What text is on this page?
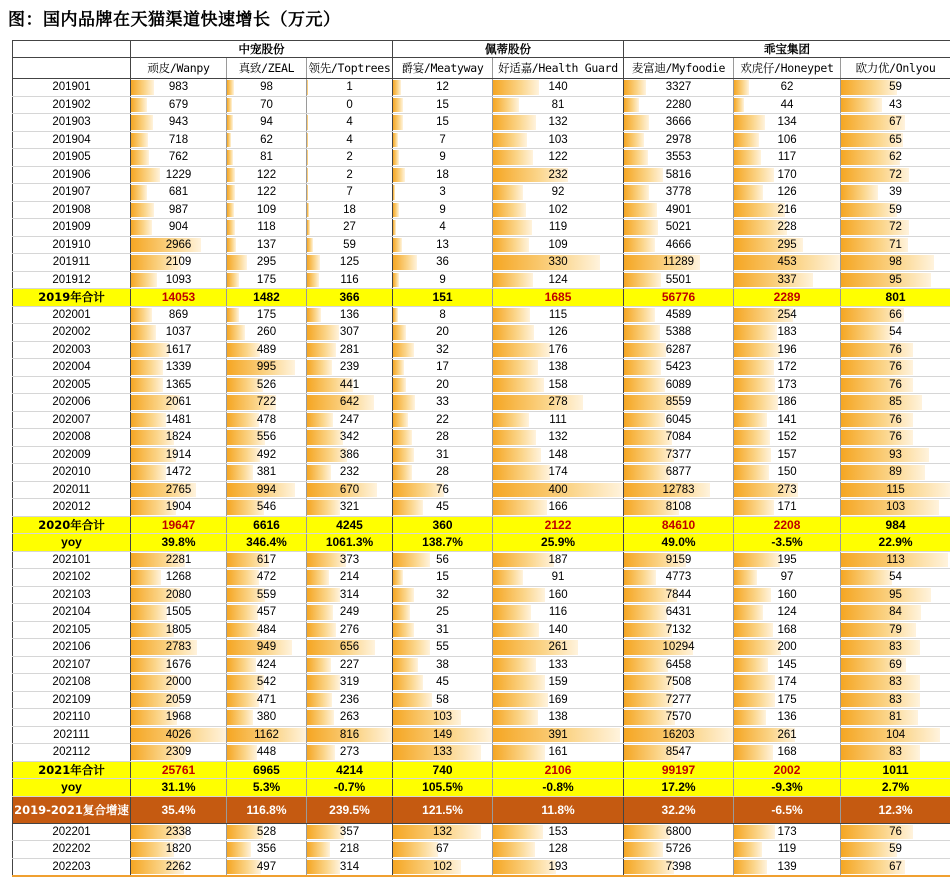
图：国内品牌在天猫渠道快速增长（万元）
	中宠股份			佩蒂股份		乖宝集团		
	顽皮/Wanpy	真致/ZEAL	领先/Toptrees	爵宴/Meatyway	好适嘉/Health Guard	麦富迪/Myfoodie	欢虎仔/Honeypet	欧力优/Onlyou
201901	983	98	1	12	140	3327	62	59
201902	679	70	0	15	81	2280	44	43
201903	943	94	4	15	132	3666	134	67
201904	718	62	4	7	103	2978	106	65
201905	762	81	2	9	122	3553	117	62
201906	1229	122	2	18	232	5816	170	72
201907	681	122	7	3	92	3778	126	39
201908	987	109	18	9	102	4901	216	59
201909	904	118	27	4	119	5021	228	72
201910	2966	137	59	13	109	4666	295	71
201911	2109	295	125	36	330	11289	453	98
201912	1093	175	116	9	124	5501	337	95
2019年合计	14053	1482	366	151	1685	56776	2289	801
202001	869	175	136	8	115	4589	254	66
202002	1037	260	307	20	126	5388	183	54
202003	1617	489	281	32	176	6287	196	76
202004	1339	995	239	17	138	5423	172	76
202005	1365	526	441	20	158	6089	173	76
202006	2061	722	642	33	278	8559	186	85
202007	1481	478	247	22	111	6045	141	76
202008	1824	556	342	28	132	7084	152	76
202009	1914	492	386	31	148	7377	157	93
202010	1472	381	232	28	174	6877	150	89
202011	2765	994	670	76	400	12783	273	115
202012	1904	546	321	45	166	8108	171	103
2020年合计	19647	6616	4245	360	2122	84610	2208	984
yoy	39.8%	346.4%	1061.3%	138.7%	25.9%	49.0%	-3.5%	22.9%
202101	2281	617	373	56	187	9159	195	113
202102	1268	472	214	15	91	4773	97	54
202103	2080	559	314	32	160	7844	160	95
202104	1505	457	249	25	116	6431	124	84
202105	1805	484	276	31	140	7132	168	79
202106	2783	949	656	55	261	10294	200	83
202107	1676	424	227	38	133	6458	145	69
202108	2000	542	319	45	159	7508	174	83
202109	2059	471	236	58	169	7277	175	83
202110	1968	380	263	103	138	7570	136	81
202111	4026	1162	816	149	391	16203	261	104
202112	2309	448	273	133	161	8547	168	83
2021年合计	25761	6965	4214	740	2106	99197	2002	1011
yoy	31.1%	5.3%	-0.7%	105.5%	-0.8%	17.2%	-9.3%	2.7%
2019-2021复合增速	35.4%	116.8%	239.5%	121.5%	11.8%	32.2%	-6.5%	12.3%
202201	2338	528	357	132	153	6800	173	76
202202	1820	356	218	67	128	5726	119	59
202203	2262	497	314	102	193	7398	139	67
